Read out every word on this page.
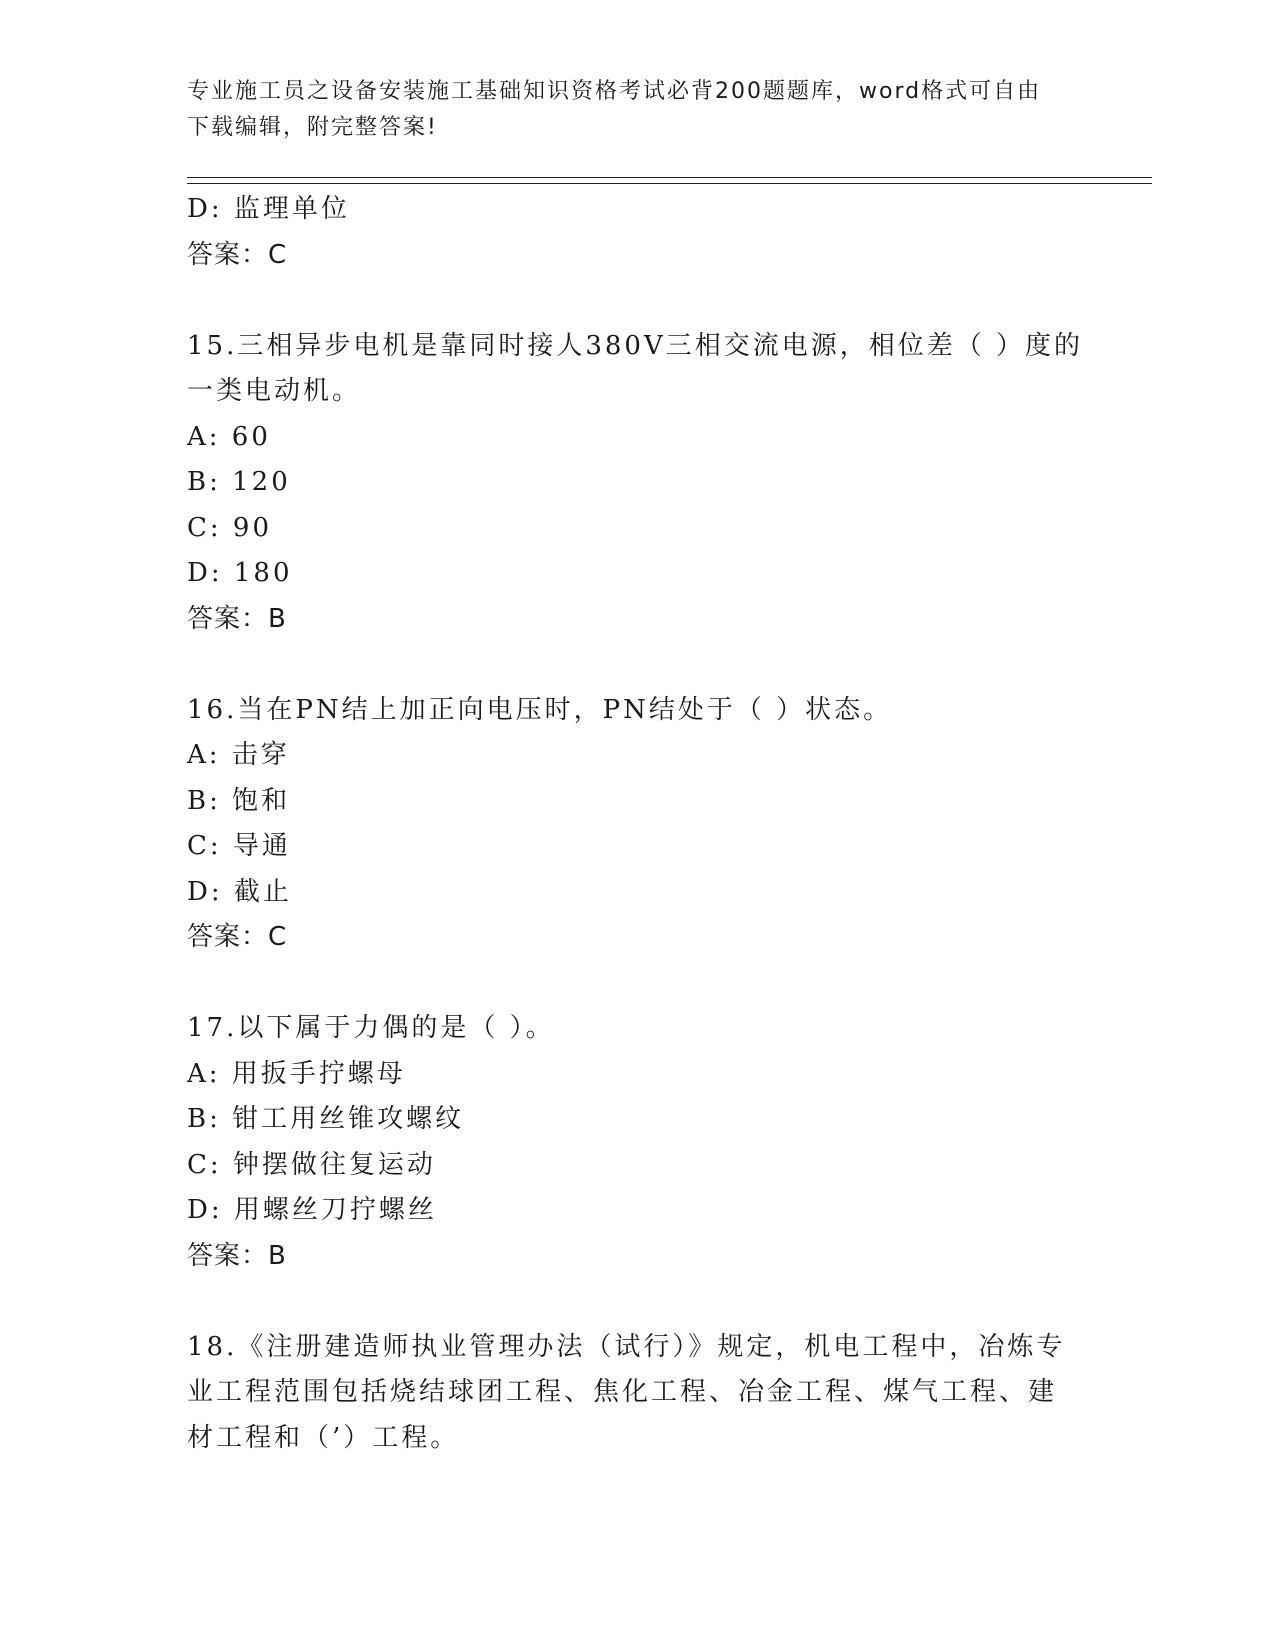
专业施工员之设备安装施工基础知识资格考试必背200题题库，word格式可自由
下载编辑，附完整答案!
D: 监理单位
答案：C
15.三相异步电机是靠同时接人380V三相交流电源，相位差（ ）度的
一类电动机。
A: 60
B: 120
C: 90
D: 180
答案：B
16.当在PN结上加正向电压时，PN结处于（ ）状态。
A: 击穿
B: 饱和
C: 导通
D: 截止
答案：C
17.以下属于力偶的是（ ）。
A: 用扳手拧螺母
B: 钳工用丝锥攻螺纹
C: 钟摆做往复运动
D: 用螺丝刀拧螺丝
答案：B
18.《注册建造师执业管理办法（试行）》规定，机电工程中，冶炼专
业工程范围包括烧结球团工程、焦化工程、冶金工程、煤气工程、建
材工程和（’）工程。
